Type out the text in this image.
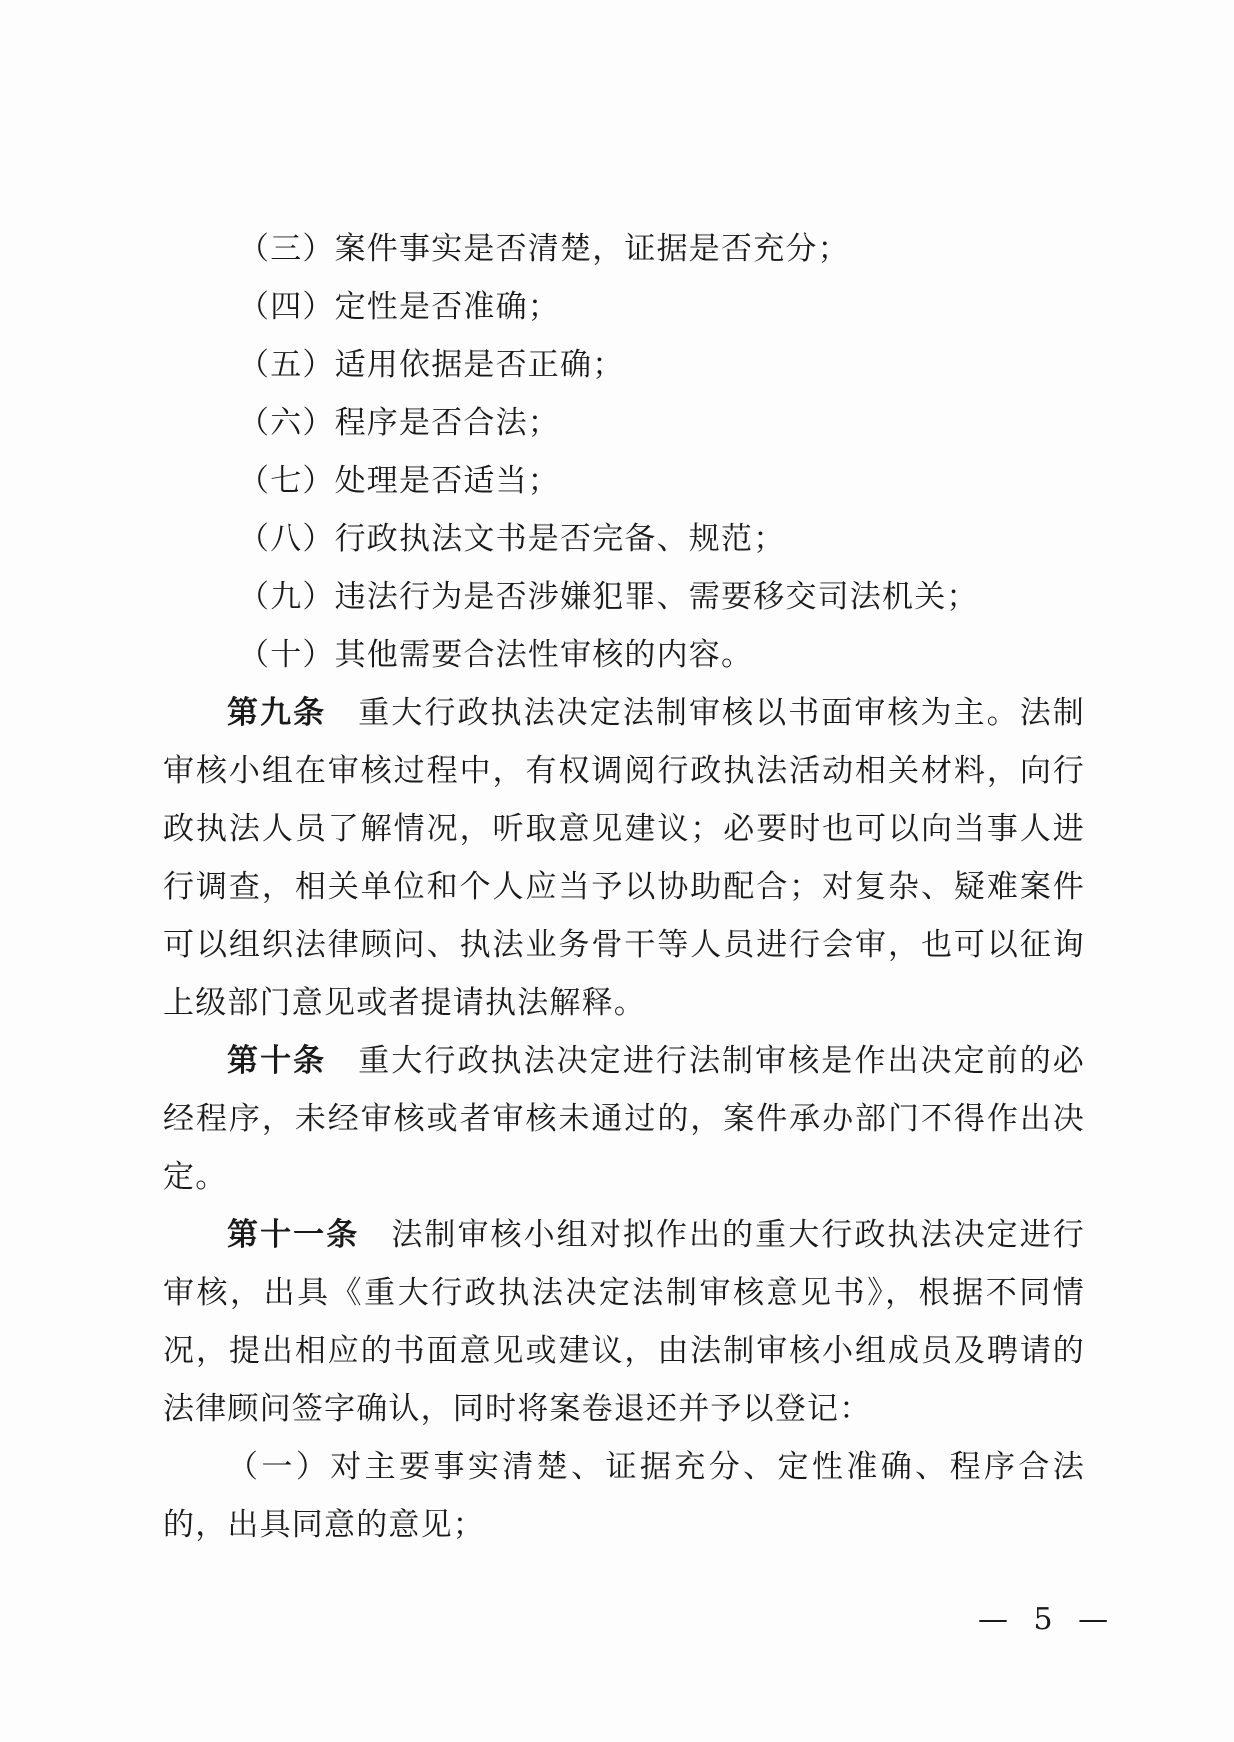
（三）案件事实是否清楚，证据是否充分；

（四）定性是否准确；

（五）适用依据是否正确；

（六）程序是否合法；

（七）处理是否适当；

（八）行政执法文书是否完备、规范；

（九）违法行为是否涉嫌犯罪、需要移交司法机关；

（十）其他需要合法性审核的内容。

第九条 重大行政执法决定法制审核以书面审核为主。法制审核小组在审核过程中，有权调阅行政执法活动相关材料，向行政执法人员了解情况，听取意见建议；必要时也可以向当事人进行调查，相关单位和个人应当予以协助配合；对复杂、疑难案件可以组织法律顾问、执法业务骨干等人员进行会审，也可以征询上级部门意见或者提请执法解释。

第十条 重大行政执法决定进行法制审核是作出决定前的必经程序，未经审核或者审核未通过的，案件承办部门不得作出决定。

第十一条 法制审核小组对拟作出的重大行政执法决定进行审核，出具《重大行政执法决定法制审核意见书》，根据不同情况，提出相应的书面意见或建议，由法制审核小组成员及聘请的法律顾问签字确认，同时将案卷退还并予以登记：

（一）对主要事实清楚、证据充分、定性准确、程序合法的，出具同意的意见；

— 5 —
